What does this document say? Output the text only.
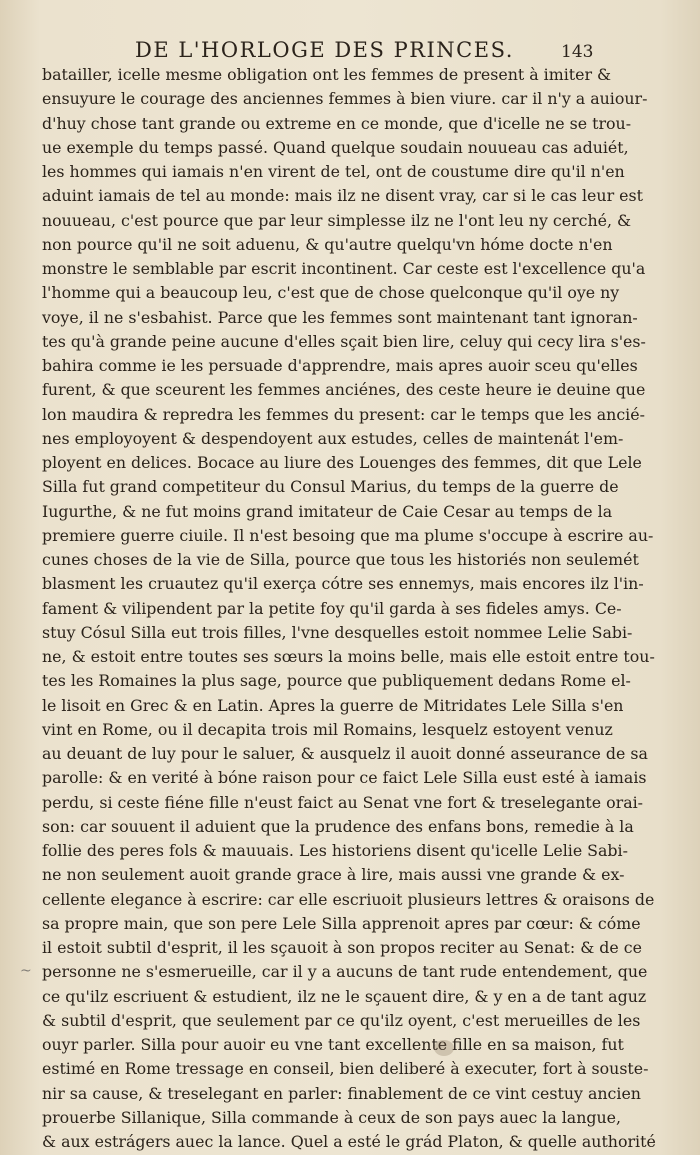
DE L'HORLOGE DES PRINCES.	143
batailler, icelle mesme obligation ont les femmes de present à imiter &
ensuyure le courage des anciennes femmes à bien viure. car il n'y a auiour-
d'huy chose tant grande ou extreme en ce monde, que d'icelle ne se trou-
ue exemple du temps passé. Quand quelque soudain nouueau cas aduiét,
les hommes qui iamais n'en virent de tel, ont de coustume dire qu'il n'en
aduint iamais de tel au monde: mais ilz ne disent vray, car si le cas leur est
nouueau, c'est pource que par leur simplesse ilz ne l'ont leu ny cerché, &
non pource qu'il ne soit aduenu, & qu'autre quelqu'vn hóme docte n'en
monstre le semblable par escrit incontinent. Car ceste est l'excellence qu'a
l'homme qui a beaucoup leu, c'est que de chose quelconque qu'il oye ny
voye, il ne s'esbahist. Parce que les femmes sont maintenant tant ignoran-
tes qu'à grande peine aucune d'elles sçait bien lire, celuy qui cecy lira s'es-
bahira comme ie les persuade d'apprendre, mais apres auoir sceu qu'elles
furent, & que sceurent les femmes anciénes, des ceste heure ie deuine que
lon maudira & repredra les femmes du present: car le temps que les ancié-
nes employoyent & despendoyent aux estudes, celles de maintenát l'em-
ployent en delices. Bocace au liure des Louenges des femmes, dit que Lele
Silla fut grand competiteur du Consul Marius, du temps de la guerre de
Iugurthe, & ne fut moins grand imitateur de Caie Cesar au temps de la
premiere guerre ciuile. Il n'est besoing que ma plume s'occupe à escrire au-
cunes choses de la vie de Silla, pource que tous les historiés non seulemét
blasment les cruautez qu'il exerça cótre ses ennemys, mais encores ilz l'in-
fament & vilipendent par la petite foy qu'il garda à ses fideles amys. Ce-
stuy Cósul Silla eut trois filles, l'vne desquelles estoit nommee Lelie Sabi-
ne, & estoit entre toutes ses sœurs la moins belle, mais elle estoit entre tou-
tes les Romaines la plus sage, pource que publiquement dedans Rome el-
le lisoit en Grec & en Latin. Apres la guerre de Mitridates Lele Silla s'en
vint en Rome, ou il decapita trois mil Romains, lesquelz estoyent venuz
au deuant de luy pour le saluer, & ausquelz il auoit donné asseurance de sa
parolle: & en verité à bóne raison pour ce faict Lele Silla eust esté à iamais
perdu, si ceste fiéne fille n'eust faict au Senat vne fort & treselegante orai-
son: car souuent il aduient que la prudence des enfans bons, remedie à la
follie des peres fols & mauuais. Les historiens disent qu'icelle Lelie Sabi-
ne non seulement auoit grande grace à lire, mais aussi vne grande & ex-
cellente elegance à escrire: car elle escriuoit plusieurs lettres & oraisons de
sa propre main, que son pere Lele Silla apprenoit apres par cœur: & cóme
il estoit subtil d'esprit, il les sçauoit à son propos reciter au Senat: & de ce
personne ne s'esmerueille, car il y a aucuns de tant rude entendement, que
ce qu'ilz escriuent & estudient, ilz ne le sçauent dire, & y en a de tant aguz
& subtil d'esprit, que seulement par ce qu'ilz oyent, c'est merueilles de les
ouyr parler. Silla pour auoir eu vne tant excellente fille en sa maison, fut
estimé en Rome tressage en conseil, bien deliberé à executer, fort à souste-
nir sa cause, & treselegant en parler: finablement de ce vint cestuy ancien
prouerbe Sillanique, Silla commande à ceux de son pays auec la langue,
& aux estrágers auec la lance. Quel a esté le grád Platon, & quelle authorité
~
